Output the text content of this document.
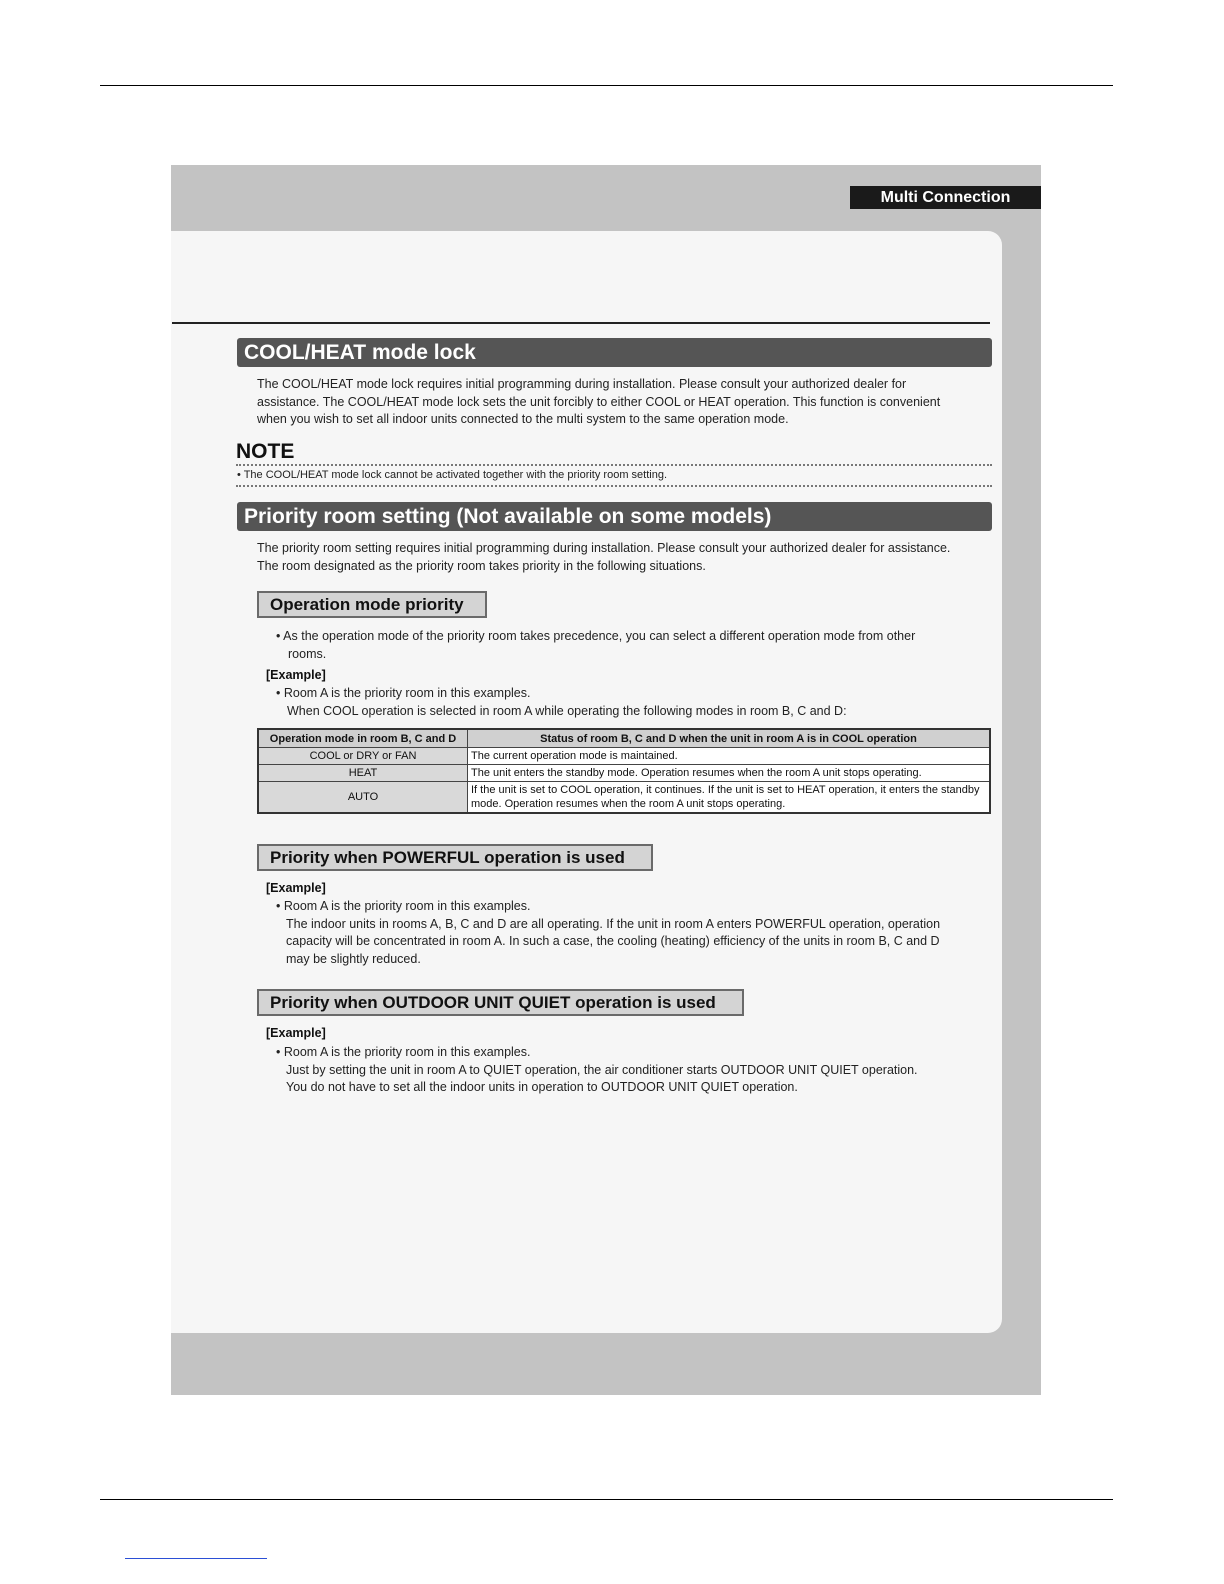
Multi Connection
COOL/HEAT mode lock
The COOL/HEAT mode lock requires initial programming during installation. Please consult your authorized dealer for
assistance. The COOL/HEAT mode lock sets the unit forcibly to either COOL or HEAT operation. This function is convenient
when you wish to set all indoor units connected to the multi system to the same operation mode.
NOTE
• The COOL/HEAT mode lock cannot be activated together with the priority room setting.
Priority room setting (Not available on some models)
The priority room setting requires initial programming during installation. Please consult your authorized dealer for assistance.
The room designated as the priority room takes priority in the following situations.
Operation mode priority
• As the operation mode of the priority room takes precedence, you can select a different operation mode from other
rooms.
[Example]
• Room A is the priority room in this examples.
When COOL operation is selected in room A while operating the following modes in room B, C and D:
Operation mode in room B, C and D	Status of room B, C and D when the unit in room A is in COOL operation
COOL or DRY or FAN	The current operation mode is maintained.
HEAT	The unit enters the standby mode. Operation resumes when the room A unit stops operating.
AUTO	If the unit is set to COOL operation, it continues. If the unit is set to HEAT operation, it enters the standby mode. Operation resumes when the room A unit stops operating.
Priority when POWERFUL operation is used
[Example]
• Room A is the priority room in this examples.
The indoor units in rooms A, B, C and D are all operating. If the unit in room A enters POWERFUL operation, operation
capacity will be concentrated in room A. In such a case, the cooling (heating) efficiency of the units in room B, C and D
may be slightly reduced.
Priority when OUTDOOR UNIT QUIET operation is used
[Example]
• Room A is the priority room in this examples.
Just by setting the unit in room A to QUIET operation, the air conditioner starts OUTDOOR UNIT QUIET operation.
You do not have to set all the indoor units in operation to OUTDOOR UNIT QUIET operation.
